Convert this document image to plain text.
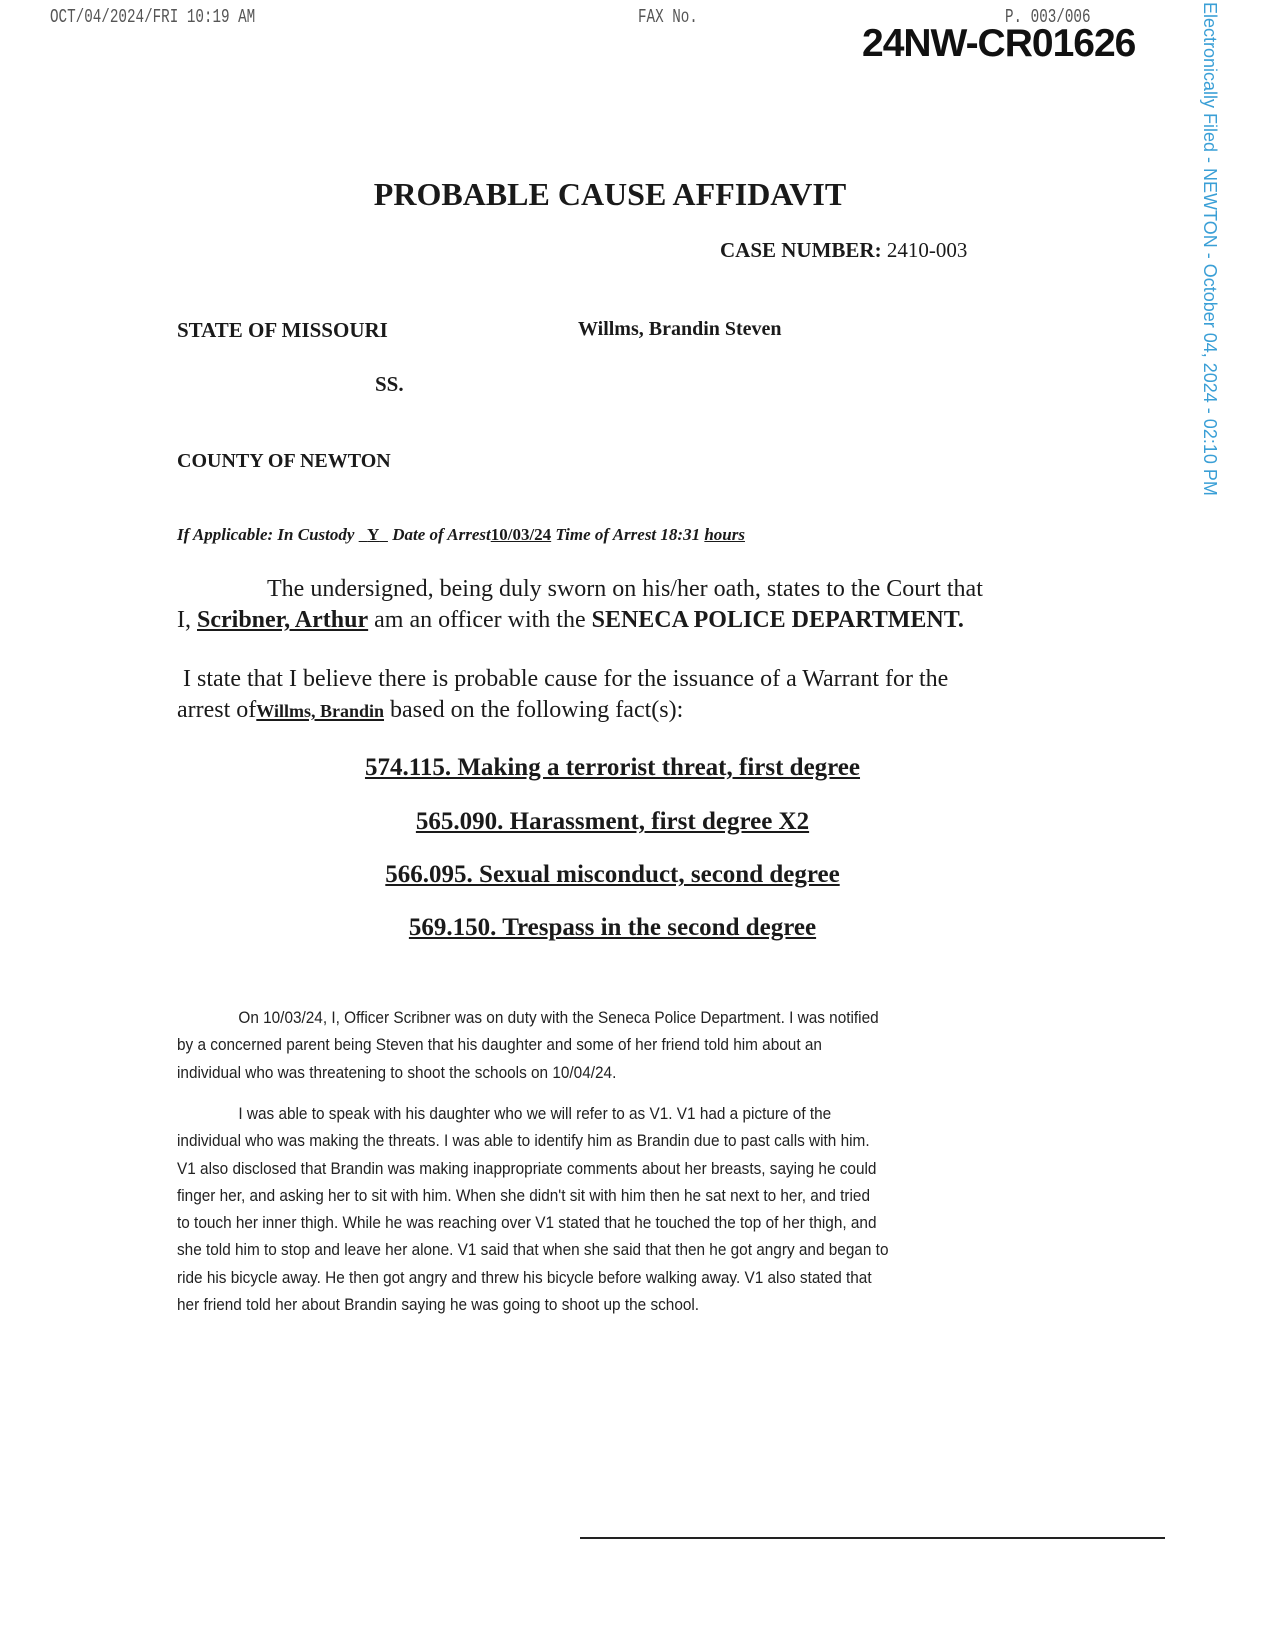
OCT/04/2024/FRI 10:19 AM	FAX No.	P. 003/006
24NW-CR01626	Electronically Filed - NEWTON - October 04, 2024 - 02:10 PM
PROBABLE CAUSE AFFIDAVIT
CASE NUMBER: 2410-003
STATE OF MISSOURI	Willms, Brandin Steven
SS.
COUNTY OF NEWTON
If Applicable: In Custody Y Date of Arrest10/03/24 Time of Arrest 18:31 hours
The undersigned, being duly sworn on his/her oath, states to the Court that
I, Scribner, Arthur am an officer with the SENECA POLICE DEPARTMENT.
I state that I believe there is probable cause for the issuance of a Warrant for the
arrest ofWillms, Brandin based on the following fact(s):
574.115. Making a terrorist threat, first degree
565.090. Harassment, first degree X2
566.095. Sexual misconduct, second degree
569.150. Trespass in the second degree
On 10/03/24, I, Officer Scribner was on duty with the Seneca Police Department. I was notified
by a concerned parent being Steven that his daughter and some of her friend told him about an
individual who was threatening to shoot the schools on 10/04/24.
I was able to speak with his daughter who we will refer to as V1. V1 had a picture of the
individual who was making the threats. I was able to identify him as Brandin due to past calls with him.
V1 also disclosed that Brandin was making inappropriate comments about her breasts, saying he could
finger her, and asking her to sit with him. When she didn't sit with him then he sat next to her, and tried
to touch her inner thigh. While he was reaching over V1 stated that he touched the top of her thigh, and
she told him to stop and leave her alone. V1 said that when she said that then he got angry and began to
ride his bicycle away. He then got angry and threw his bicycle before walking away. V1 also stated that
her friend told her about Brandin saying he was going to shoot up the school.
